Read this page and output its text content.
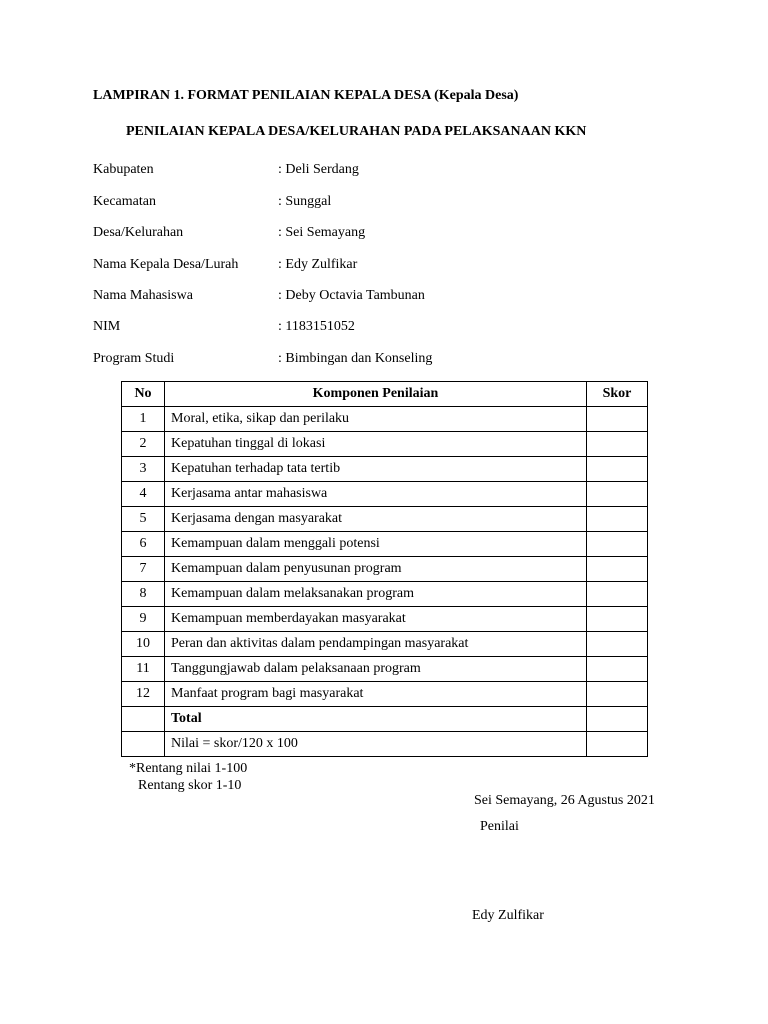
LAMPIRAN 1. FORMAT PENILAIAN KEPALA DESA (Kepala Desa)
PENILAIAN KEPALA DESA/KELURAHAN PADA PELAKSANAAN KKN
Kabupaten	: Deli Serdang
Kecamatan	: Sunggal
Desa/Kelurahan	: Sei Semayang
Nama Kepala Desa/Lurah	: Edy Zulfikar
Nama Mahasiswa	: Deby Octavia Tambunan
NIM	: 1183151052
Program Studi	: Bimbingan dan Konseling
No	Komponen Penilaian	Skor
1	Moral, etika, sikap dan perilaku	
2	Kepatuhan tinggal di lokasi	
3	Kepatuhan terhadap tata tertib	
4	Kerjasama antar mahasiswa	
5	Kerjasama dengan masyarakat	
6	Kemampuan dalam menggali potensi	
7	Kemampuan dalam penyusunan program	
8	Kemampuan dalam melaksanakan program	
9	Kemampuan memberdayakan masyarakat	
10	Peran dan aktivitas dalam pendampingan masyarakat	
11	Tanggungjawab dalam pelaksanaan program	
12	Manfaat program bagi masyarakat	
	Total	
	Nilai = skor/120 x 100	
*Rentang nilai 1-100
Rentang skor 1-10
Sei Semayang, 26 Agustus 2021
Penilai
Edy Zulfikar
